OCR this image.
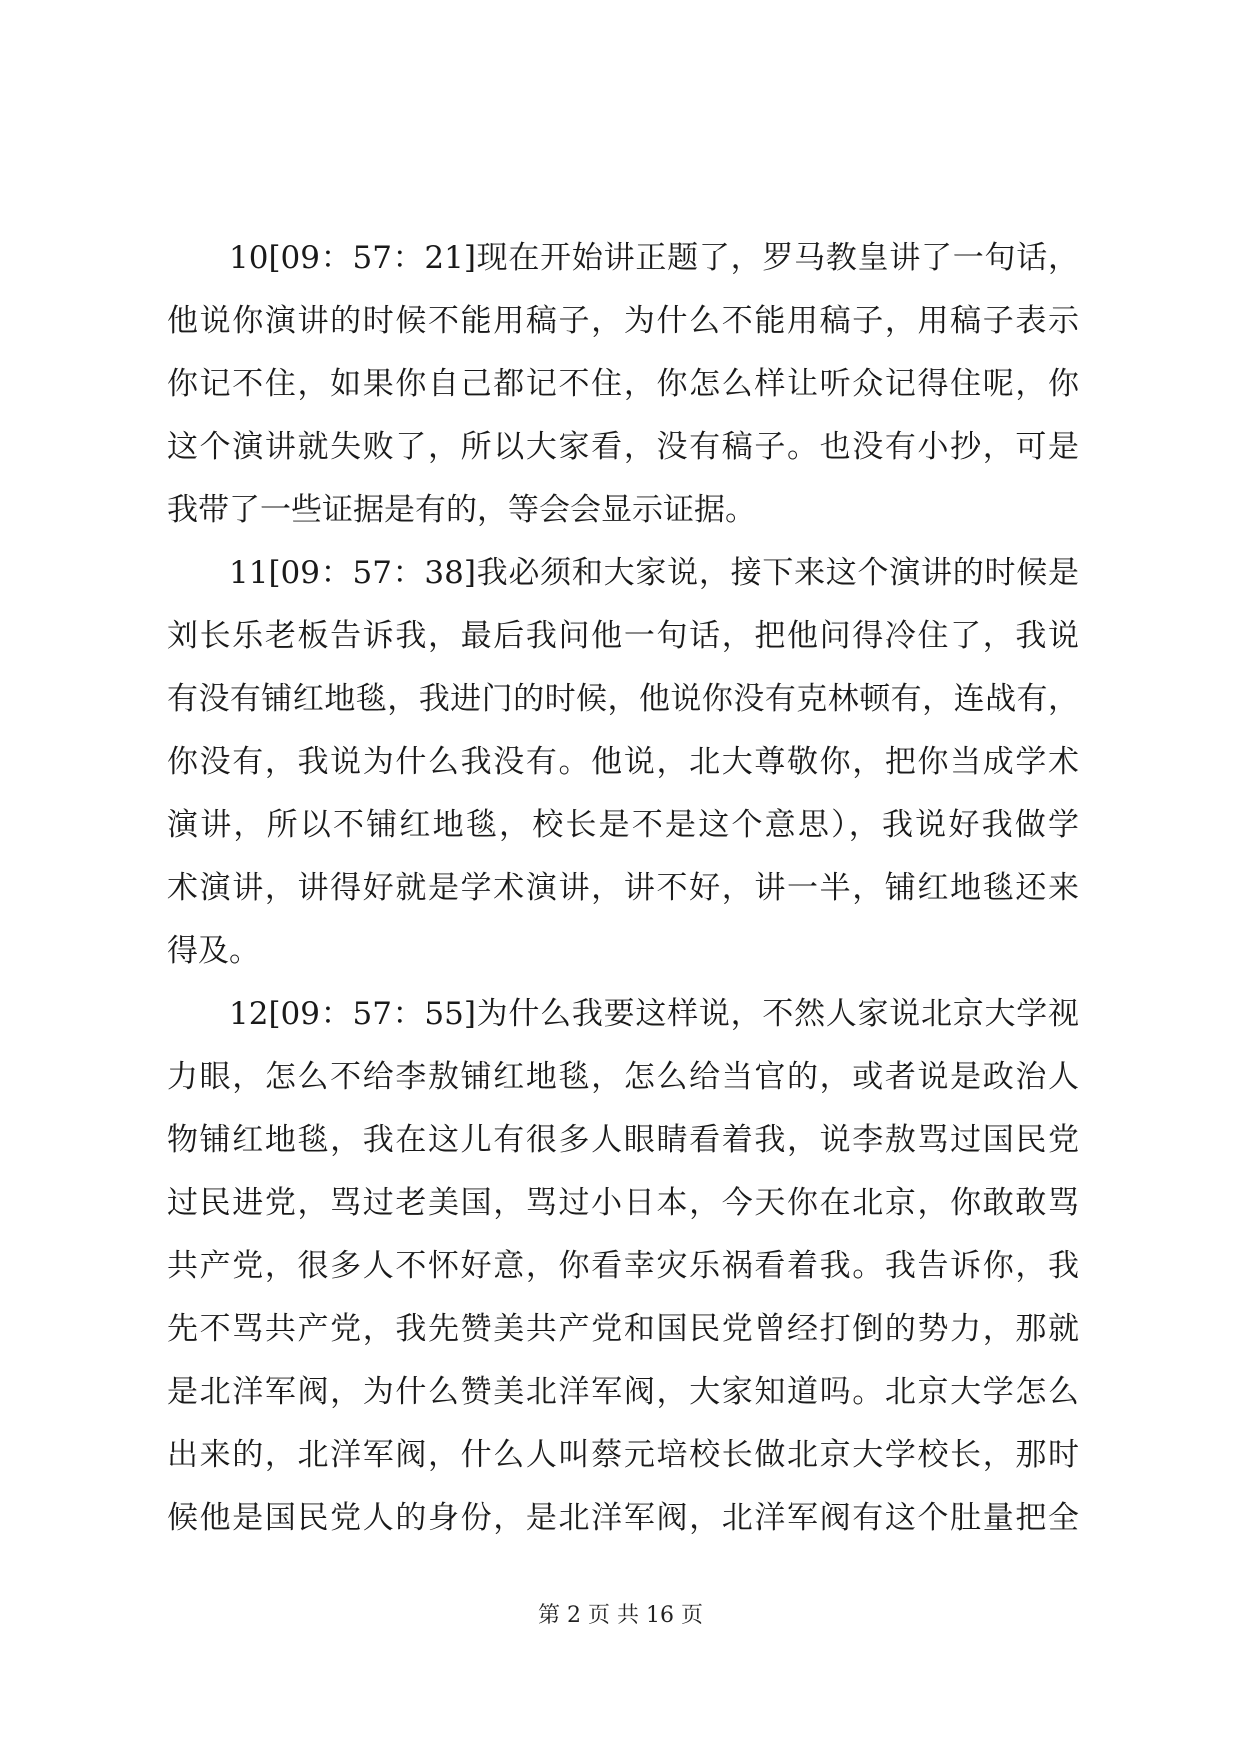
10[09：57：21]现在开始讲正题了，罗马教皇讲了一句话，
他说你演讲的时候不能用稿子，为什么不能用稿子，用稿子表示
你记不住，如果你自己都记不住，你怎么样让听众记得住呢，你
这个演讲就失败了，所以大家看，没有稿子。也没有小抄，可是
我带了一些证据是有的，等会会显示证据。
11[09：57：38]我必须和大家说，接下来这个演讲的时候是
刘长乐老板告诉我，最后我问他一句话，把他问得冷住了，我说
有没有铺红地毯，我进门的时候，他说你没有克林顿有，连战有，
你没有，我说为什么我没有。他说，北大尊敬你，把你当成学术
演讲，所以不铺红地毯，校长是不是这个意思），我说好我做学
术演讲，讲得好就是学术演讲，讲不好，讲一半，铺红地毯还来
得及。
12[09：57：55]为什么我要这样说，不然人家说北京大学视
力眼，怎么不给李敖铺红地毯，怎么给当官的，或者说是政治人
物铺红地毯，我在这儿有很多人眼睛看着我，说李敖骂过国民党
过民进党，骂过老美国，骂过小日本，今天你在北京，你敢敢骂
共产党，很多人不怀好意，你看幸灾乐祸看着我。我告诉你，我
先不骂共产党，我先赞美共产党和国民党曾经打倒的势力，那就
是北洋军阀，为什么赞美北洋军阀，大家知道吗。北京大学怎么
出来的，北洋军阀，什么人叫蔡元培校长做北京大学校长，那时
候他是国民党人的身份，是北洋军阀，北洋军阀有这个肚量把全
第 2 页 共 16 页
